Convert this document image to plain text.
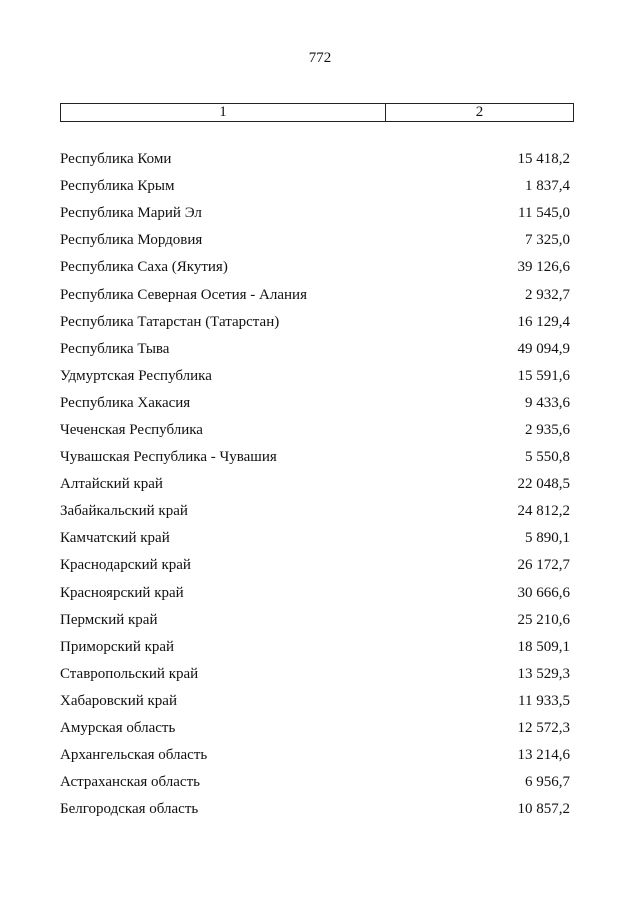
772
1	2
Республика Коми	15 418,2
Республика Крым	1 837,4
Республика Марий Эл	11 545,0
Республика Мордовия	7 325,0
Республика Саха (Якутия)	39 126,6
Республика Северная Осетия - Алания	2 932,7
Республика Татарстан (Татарстан)	16 129,4
Республика Тыва	49 094,9
Удмуртская Республика	15 591,6
Республика Хакасия	9 433,6
Чеченская Республика	2 935,6
Чувашская Республика - Чувашия	5 550,8
Алтайский край	22 048,5
Забайкальский край	24 812,2
Камчатский край	5 890,1
Краснодарский край	26 172,7
Красноярский край	30 666,6
Пермский край	25 210,6
Приморский край	18 509,1
Ставропольский край	13 529,3
Хабаровский край	11 933,5
Амурская область	12 572,3
Архангельская область	13 214,6
Астраханская область	6 956,7
Белгородская область	10 857,2
